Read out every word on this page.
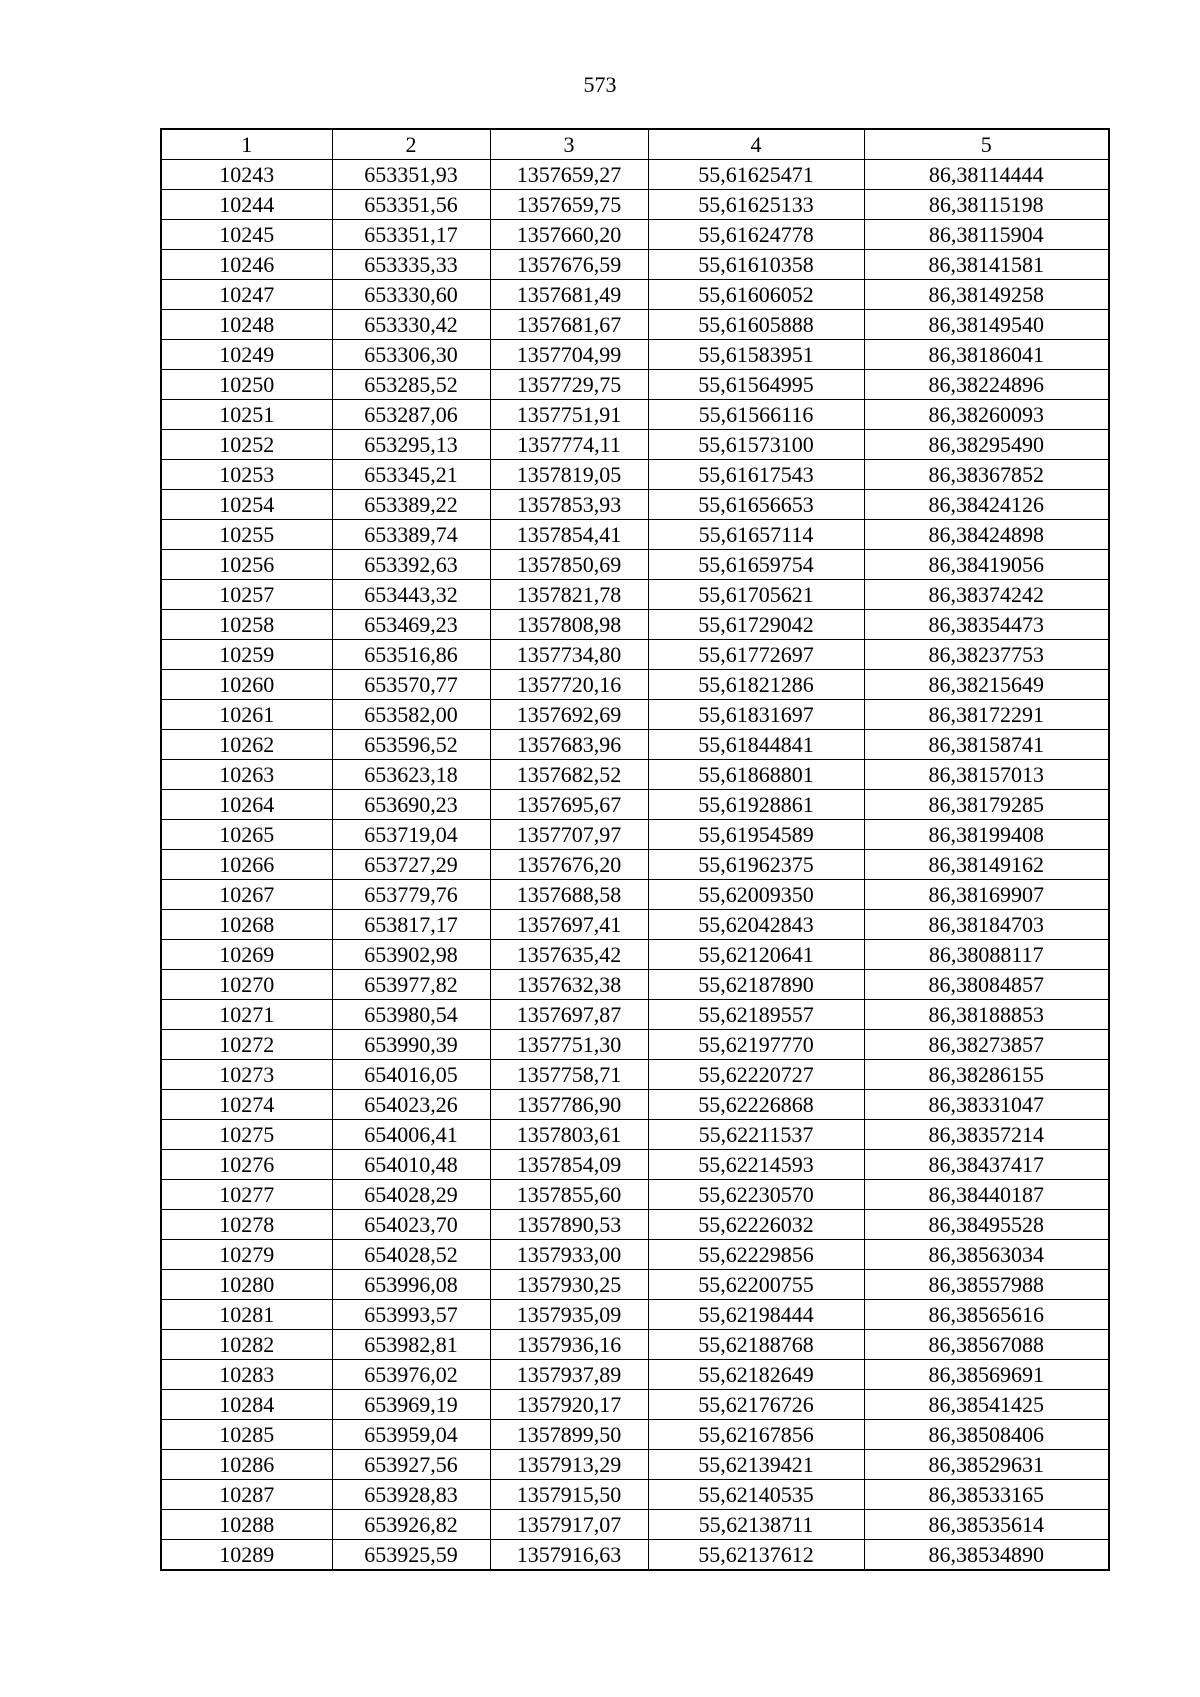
573
1	2	3	4	5
10243	653351,93	1357659,27	55,61625471	86,38114444
10244	653351,56	1357659,75	55,61625133	86,38115198
10245	653351,17	1357660,20	55,61624778	86,38115904
10246	653335,33	1357676,59	55,61610358	86,38141581
10247	653330,60	1357681,49	55,61606052	86,38149258
10248	653330,42	1357681,67	55,61605888	86,38149540
10249	653306,30	1357704,99	55,61583951	86,38186041
10250	653285,52	1357729,75	55,61564995	86,38224896
10251	653287,06	1357751,91	55,61566116	86,38260093
10252	653295,13	1357774,11	55,61573100	86,38295490
10253	653345,21	1357819,05	55,61617543	86,38367852
10254	653389,22	1357853,93	55,61656653	86,38424126
10255	653389,74	1357854,41	55,61657114	86,38424898
10256	653392,63	1357850,69	55,61659754	86,38419056
10257	653443,32	1357821,78	55,61705621	86,38374242
10258	653469,23	1357808,98	55,61729042	86,38354473
10259	653516,86	1357734,80	55,61772697	86,38237753
10260	653570,77	1357720,16	55,61821286	86,38215649
10261	653582,00	1357692,69	55,61831697	86,38172291
10262	653596,52	1357683,96	55,61844841	86,38158741
10263	653623,18	1357682,52	55,61868801	86,38157013
10264	653690,23	1357695,67	55,61928861	86,38179285
10265	653719,04	1357707,97	55,61954589	86,38199408
10266	653727,29	1357676,20	55,61962375	86,38149162
10267	653779,76	1357688,58	55,62009350	86,38169907
10268	653817,17	1357697,41	55,62042843	86,38184703
10269	653902,98	1357635,42	55,62120641	86,38088117
10270	653977,82	1357632,38	55,62187890	86,38084857
10271	653980,54	1357697,87	55,62189557	86,38188853
10272	653990,39	1357751,30	55,62197770	86,38273857
10273	654016,05	1357758,71	55,62220727	86,38286155
10274	654023,26	1357786,90	55,62226868	86,38331047
10275	654006,41	1357803,61	55,62211537	86,38357214
10276	654010,48	1357854,09	55,62214593	86,38437417
10277	654028,29	1357855,60	55,62230570	86,38440187
10278	654023,70	1357890,53	55,62226032	86,38495528
10279	654028,52	1357933,00	55,62229856	86,38563034
10280	653996,08	1357930,25	55,62200755	86,38557988
10281	653993,57	1357935,09	55,62198444	86,38565616
10282	653982,81	1357936,16	55,62188768	86,38567088
10283	653976,02	1357937,89	55,62182649	86,38569691
10284	653969,19	1357920,17	55,62176726	86,38541425
10285	653959,04	1357899,50	55,62167856	86,38508406
10286	653927,56	1357913,29	55,62139421	86,38529631
10287	653928,83	1357915,50	55,62140535	86,38533165
10288	653926,82	1357917,07	55,62138711	86,38535614
10289	653925,59	1357916,63	55,62137612	86,38534890
